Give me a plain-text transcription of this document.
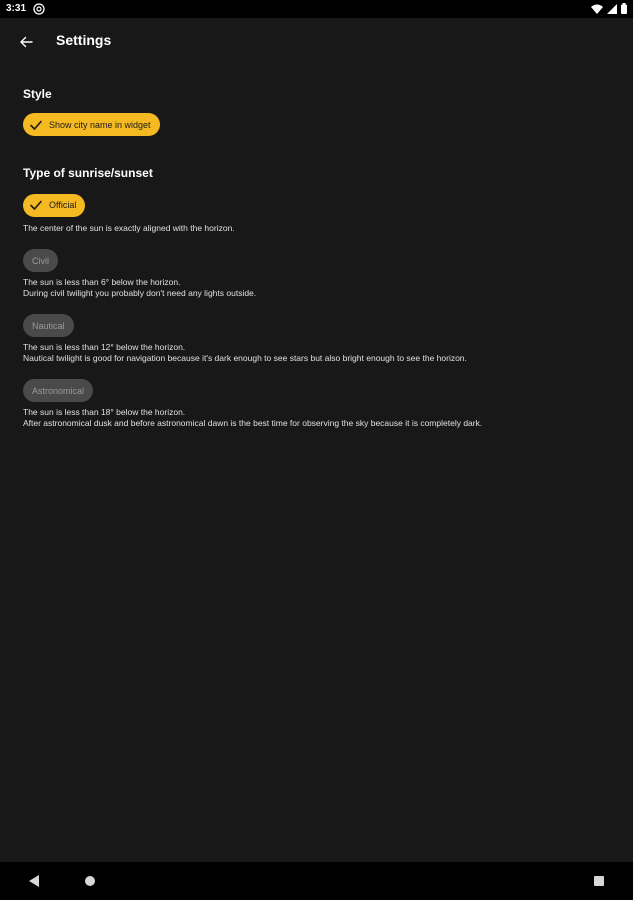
3:31
Settings

Style

Show city name in widget

Type of sunrise/sunset

Official

The center of the sun is exactly aligned with the horizon.

Civil

The sun is less than 6° below the horizon.

During civil twilight you probably don't need any lights outside.

Nautical

The sun is less than 12° below the horizon.

Nautical twilight is good for navigation because it's dark enough to see stars but also bright enough to see the horizon.

Astronomical

The sun is less than 18° below the horizon.

After astronomical dusk and before astronomical dawn is the best time for observing the sky because it is completely dark.
